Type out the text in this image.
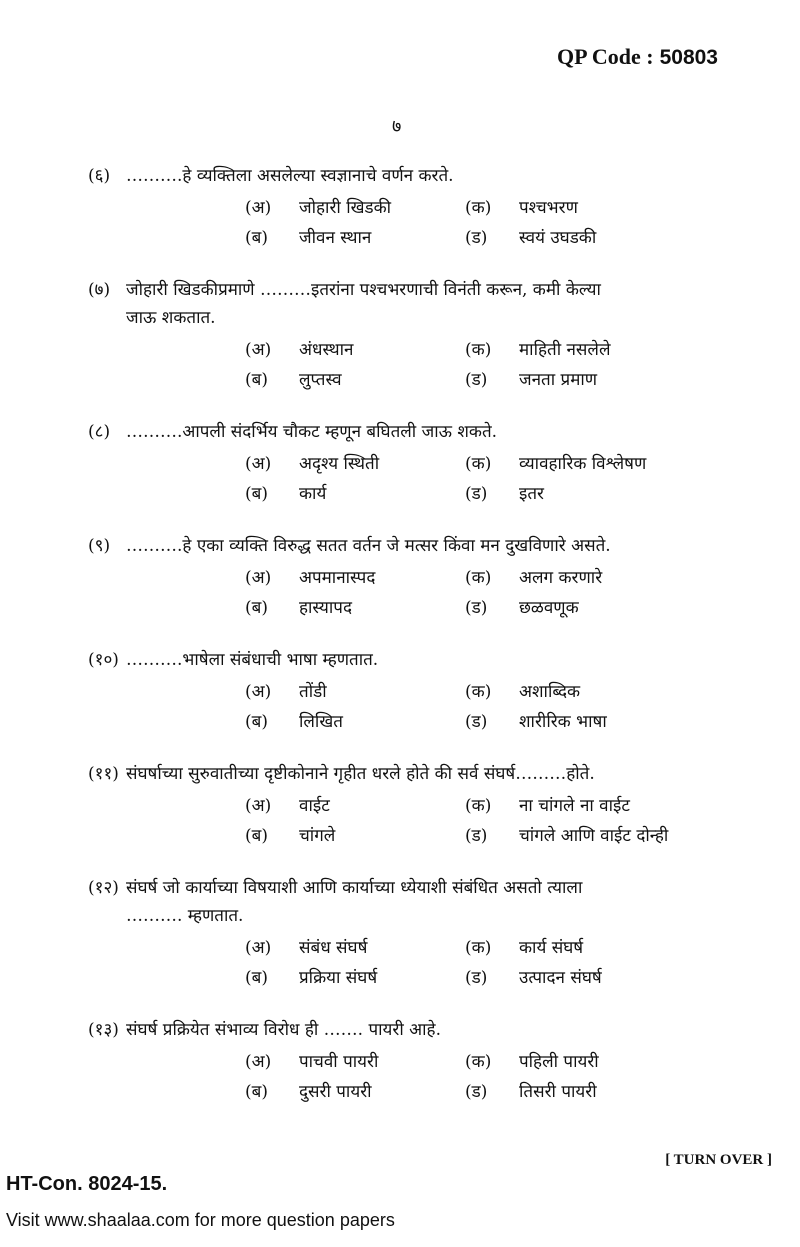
QP Code : 50803
७
(६) ……….हे व्यक्तिला असलेल्या स्वज्ञानाचे वर्णन करते.
(अ)	जोहारी खिडकी	(क)	पश्चभरण
(ब)	जीवन स्थान	(ड)	स्वयं उघडकी
(७) जोहारी खिडकीप्रमाणे ………इतरांना पश्चभरणाची विनंती करून, कमी केल्या
जाऊ शकतात.
(अ)	अंधस्थान	(क)	माहिती नसलेले
(ब)	लुप्तस्व	(ड)	जनता प्रमाण
(८) ……….आपली संदर्भिय चौकट म्हणून बघितली जाऊ शकते.
(अ)	अदृश्य स्थिती	(क)	व्यावहारिक विश्लेषण
(ब)	कार्य	(ड)	इतर
(९) ……….हे एका व्यक्ति विरुद्ध सतत वर्तन जे मत्सर किंवा मन दुखविणारे असते.
(अ)	अपमानास्पद	(क)	अलग करणारे
(ब)	हास्यापद	(ड)	छळवणूक
(१०) ……….भाषेला संबंधाची भाषा म्हणतात.
(अ)	तोंडी	(क)	अशाब्दिक
(ब)	लिखित	(ड)	शारीरिक भाषा
(११) संघर्षाच्या सुरुवातीच्या दृष्टीकोनाने गृहीत धरले होते की सर्व संघर्ष………होते.
(अ)	वाईट	(क)	ना चांगले ना वाईट
(ब)	चांगले	(ड)	चांगले आणि वाईट दोन्ही
(१२) संघर्ष जो कार्याच्या विषयाशी आणि कार्याच्या ध्येयाशी संबंधित असतो त्याला
………. म्हणतात.
(अ)	संबंध संघर्ष	(क)	कार्य संघर्ष
(ब)	प्रक्रिया संघर्ष	(ड)	उत्पादन संघर्ष
(१३) संघर्ष प्रक्रियेत संभाव्य विरोध ही ……. पायरी आहे.
(अ)	पाचवी पायरी	(क)	पहिली पायरी
(ब)	दुसरी पायरी	(ड)	तिसरी पायरी
[ TURN OVER ]
HT-Con. 8024-15.
Visit www.shaalaa.com for more question papers
